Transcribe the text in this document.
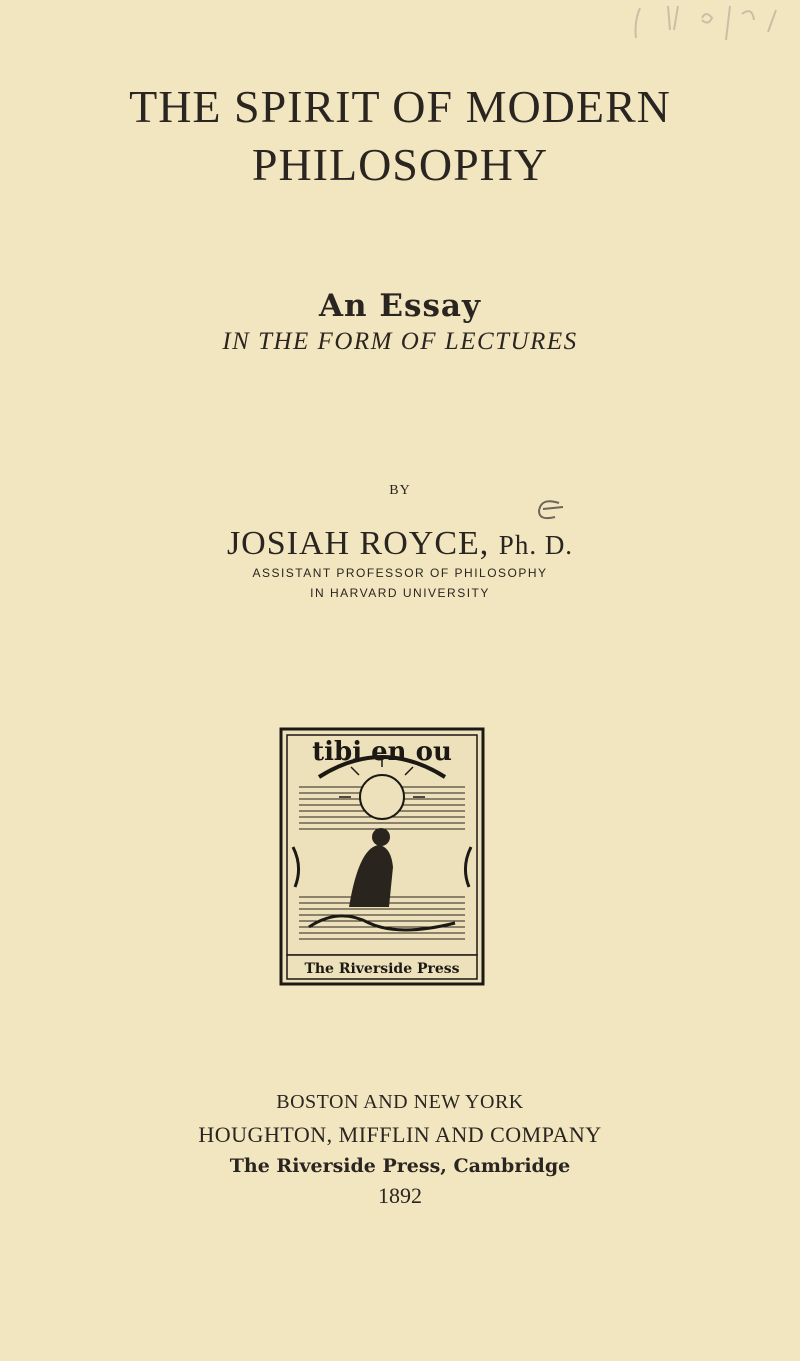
THE SPIRIT OF MODERN
PHILOSOPHY
An Essay
IN THE FORM OF LECTURES
BY
JOSIAH ROYCE, Ph. D.
ASSISTANT PROFESSOR OF PHILOSOPHY
IN HARVARD UNIVERSITY
tibi en ou
The Riverside Press
BOSTON AND NEW YORK
HOUGHTON, MIFFLIN AND COMPANY
The Riverside Press, Cambridge
1892
